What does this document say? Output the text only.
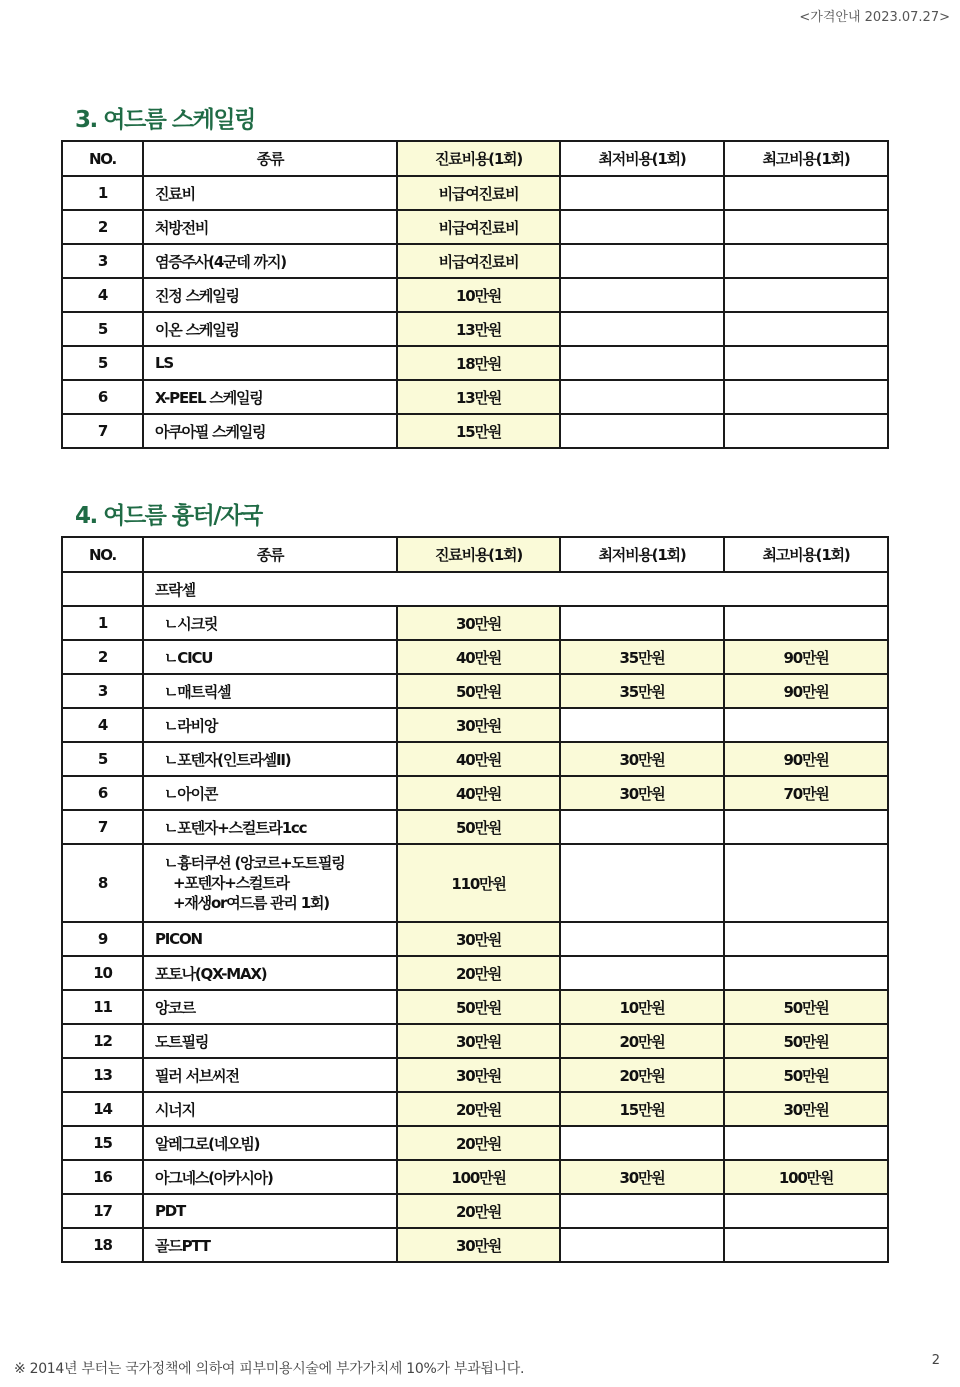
<가격안내 2023.07.27>
3. 여드름 스케일링
NO.	종류	진료비용(1회)	최저비용(1회)	최고비용(1회)
1	진료비	비급여진료비		
2	처방전비	비급여진료비		
3	염증주사(4군데 까지)	비급여진료비		
4	진정 스케일링	10만원		
5	이온 스케일링	13만원		
5	LS	18만원		
6	X-PEEL 스케일링	13만원		
7	아쿠아필 스케일링	15만원		
4. 여드름 흉터/자국
NO.	종류	진료비용(1회)	최저비용(1회)	최고비용(1회)
	프락셀			
1	ㄴ시크릿	30만원		
2	ㄴCICU	40만원	35만원	90만원
3	ㄴ매트릭셀	50만원	35만원	90만원
4	ㄴ라비앙	30만원		
5	ㄴ포텐자(인트라셀II)	40만원	30만원	90만원
6	ㄴ아이콘	40만원	30만원	70만원
7	ㄴ포텐자+스컬트라1cc	50만원		
8	ㄴ흉터쿠션 (앙코르+도트필링
+포텐자+스컬트라
+재생or여드름 관리 1회)	110만원		
9	PICON	30만원		
10	포토나(QX-MAX)	20만원		
11	앙코르	50만원	10만원	50만원
12	도트필링	30만원	20만원	50만원
13	필러 서브씨전	30만원	20만원	50만원
14	시너지	20만원	15만원	30만원
15	알레그로(네오빔)	20만원		
16	아그네스(아카시아)	100만원	30만원	100만원
17	PDT	20만원		
18	골드PTT	30만원		
※ 2014년 부터는 국가정책에 의하여 피부미용시술에 부가가치세 10%가 부과됩니다.
2
